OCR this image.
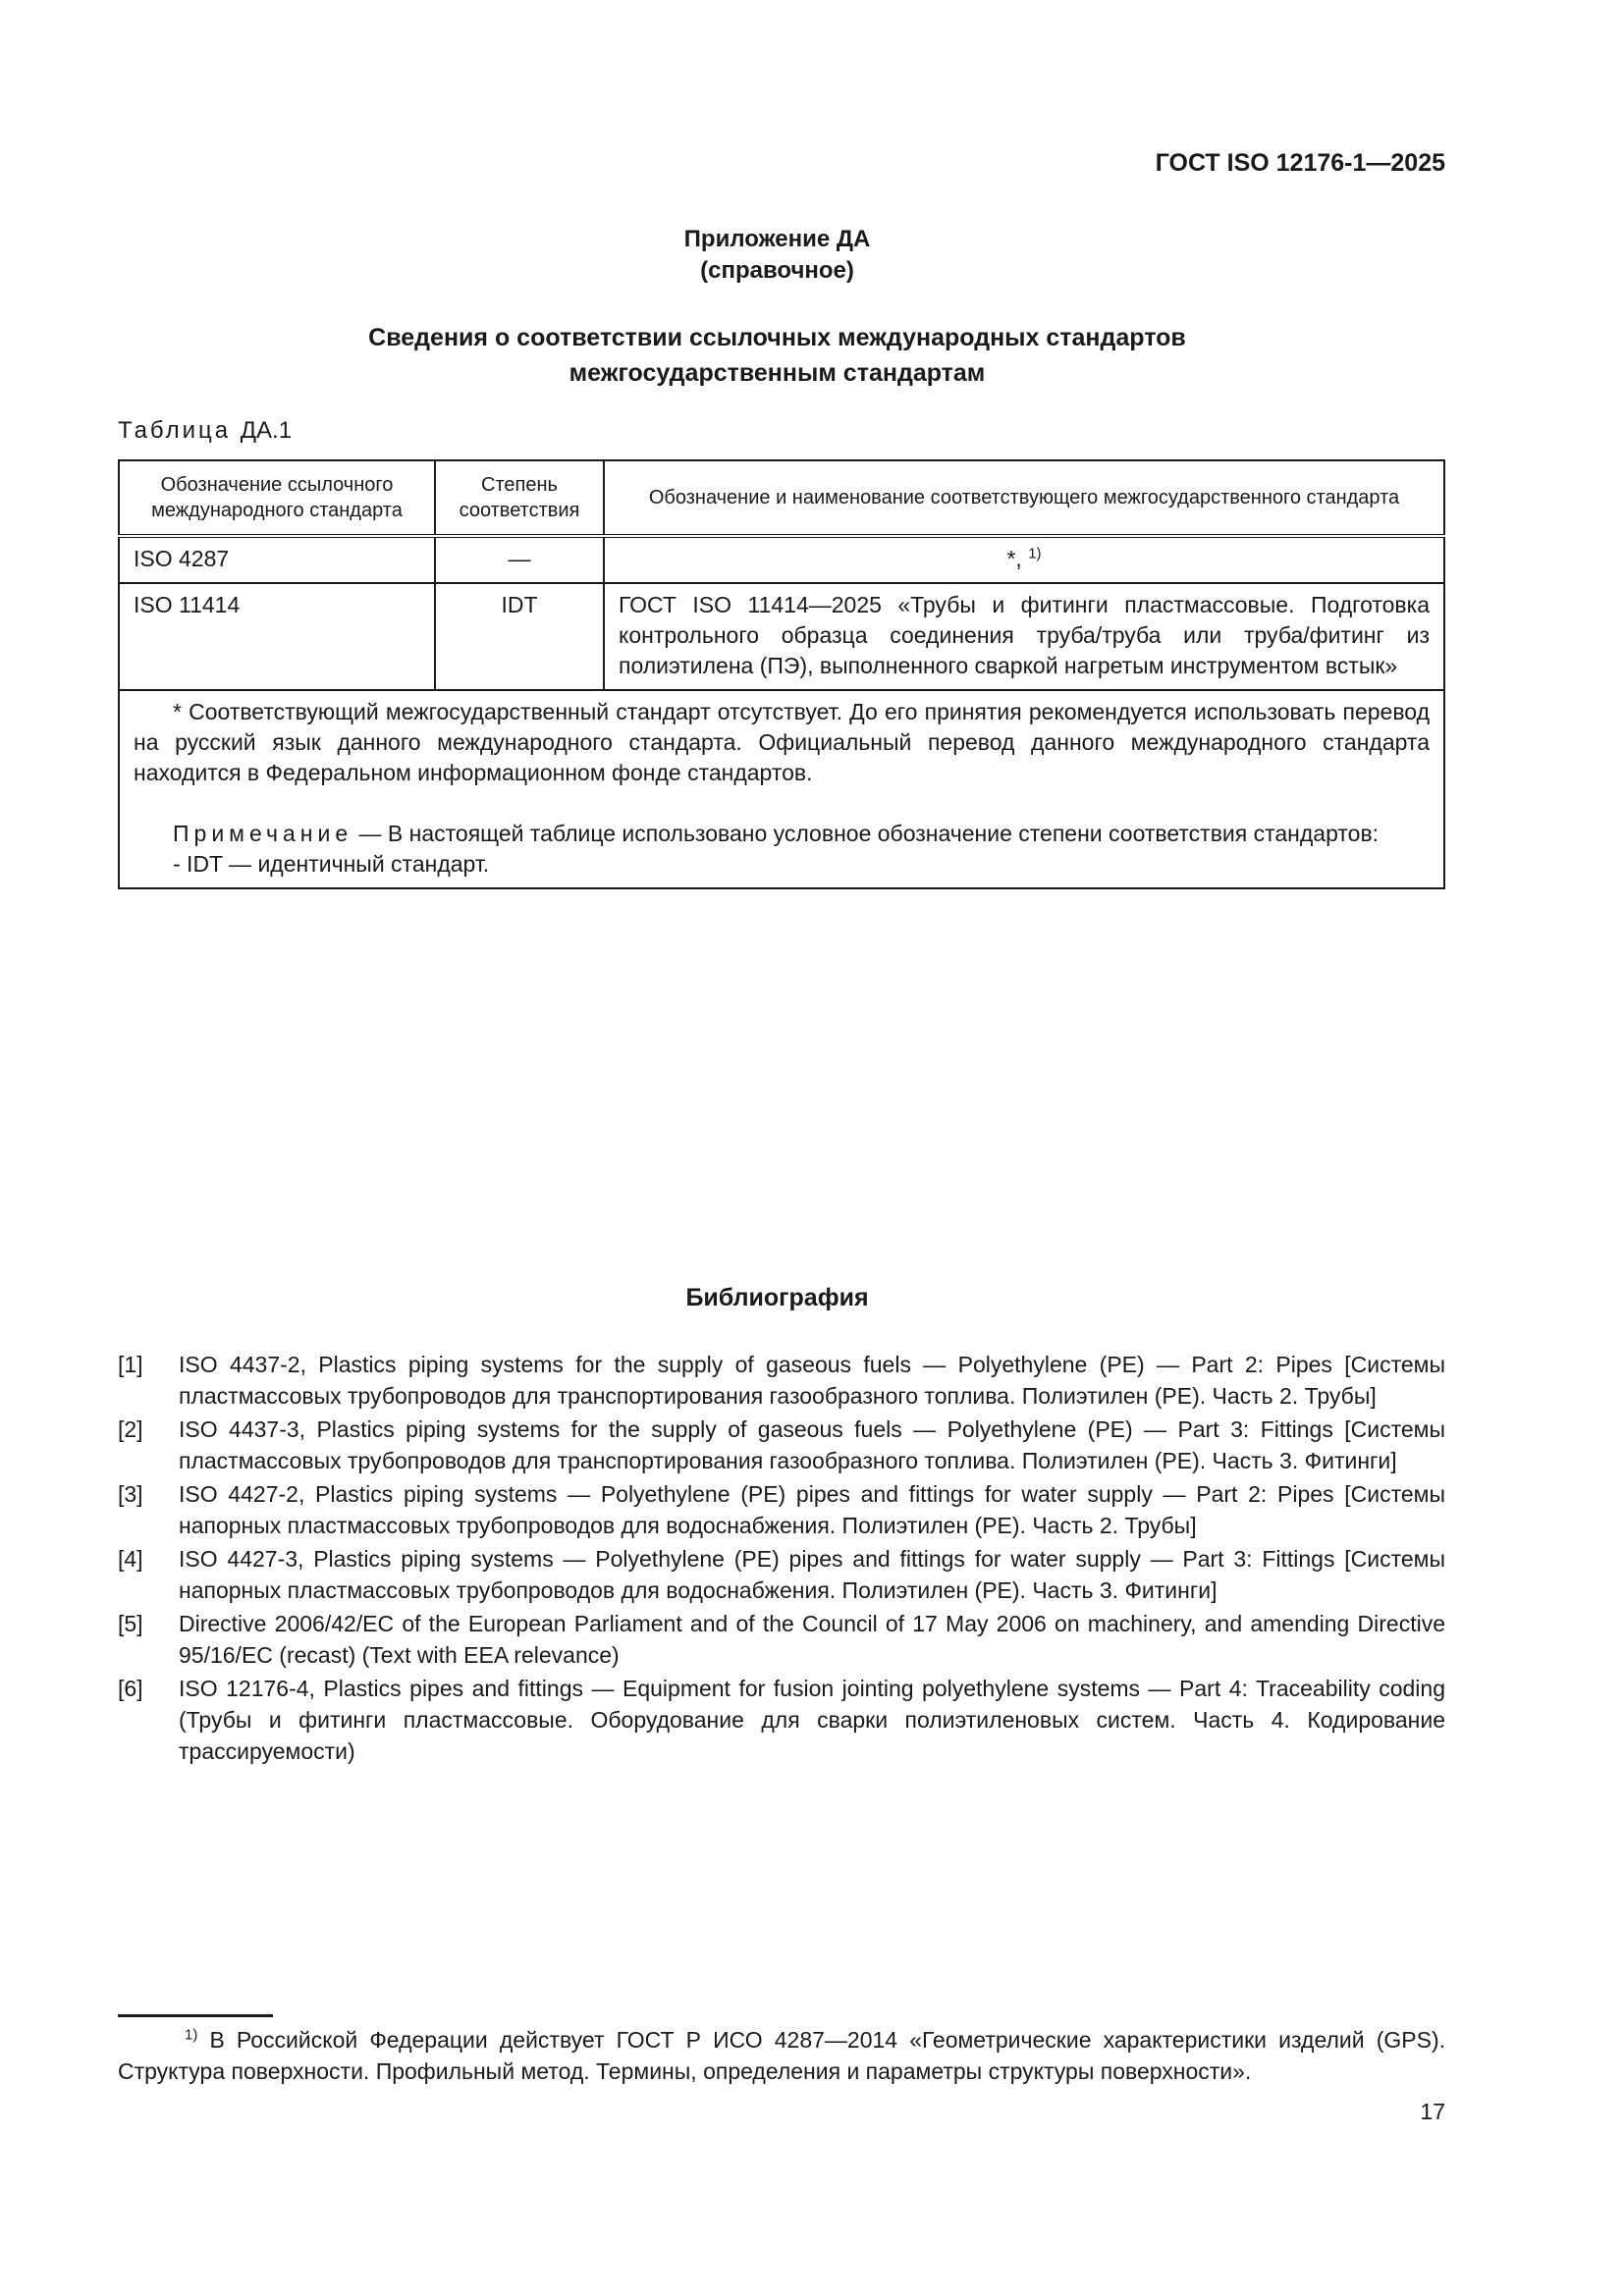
ГОСТ ISO 12176-1—2025
Приложение ДА
(справочное)
Сведения о соответствии ссылочных международных стандартов
межгосударственным стандартам
Таблица ДА.1
Обозначение ссылочного международного стандарта	Степень соответствия	Обозначение и наименование соответствующего межгосударственного стандарта
ISO 4287	—	*, $^{1)}$
ISO 11414	IDT	ГОСТ ISO 11414—2025 «Трубы и фитинги пластмассовые. Подготовка контрольного образца соединения труба/труба или труба/фитинг из полиэтилена (ПЭ), выполненного сваркой нагретым инструментом встык»

* Соответствующий межгосударственный стандарт отсутствует. До его принятия рекомендуется использовать перевод на русский язык данного международного стандарта. Официальный перевод данного международного стандарта находится в Федеральном информационном фонде стандартов.

Примечание — В настоящей таблице использовано условное обозначение степени соответствия стандартов:

- IDT — идентичный стандарт.		
Библиография
[1]	ISO 4437-2, Plastics piping systems for the supply of gaseous fuels — Polyethylene (PE) — Part 2: Pipes [Системы пластмассовых трубопроводов для транспортирования газообразного топлива. Полиэтилен (PE). Часть 2. Трубы]
[2]	ISO 4437-3, Plastics piping systems for the supply of gaseous fuels — Polyethylene (PE) — Part 3: Fittings [Системы пластмассовых трубопроводов для транспортирования газообразного топлива. Полиэтилен (PE). Часть 3. Фитинги]
[3]	ISO 4427-2, Plastics piping systems — Polyethylene (PE) pipes and fittings for water supply — Part 2: Pipes [Системы напорных пластмассовых трубопроводов для водоснабжения. Полиэтилен (PE). Часть 2. Трубы]
[4]	ISO 4427-3, Plastics piping systems — Polyethylene (PE) pipes and fittings for water supply — Part 3: Fittings [Системы напорных пластмассовых трубопроводов для водоснабжения. Полиэтилен (PE). Часть 3. Фитинги]
[5]	Directive 2006/42/EC of the European Parliament and of the Council of 17 May 2006 on machinery, and amending Directive 95/16/EC (recast) (Text with EEA relevance)
[6]	ISO 12176-4, Plastics pipes and fittings — Equipment for fusion jointing polyethylene systems — Part 4: Traceability coding (Трубы и фитинги пластмассовые. Оборудование для сварки полиэтиленовых систем. Часть 4. Кодирование трассируемости)
$^{1)}$ В Российской Федерации действует ГОСТ Р ИСО 4287—2014 «Геометрические характеристики изделий (GPS). Структура поверхности. Профильный метод. Термины, определения и параметры структуры поверхности».
17
